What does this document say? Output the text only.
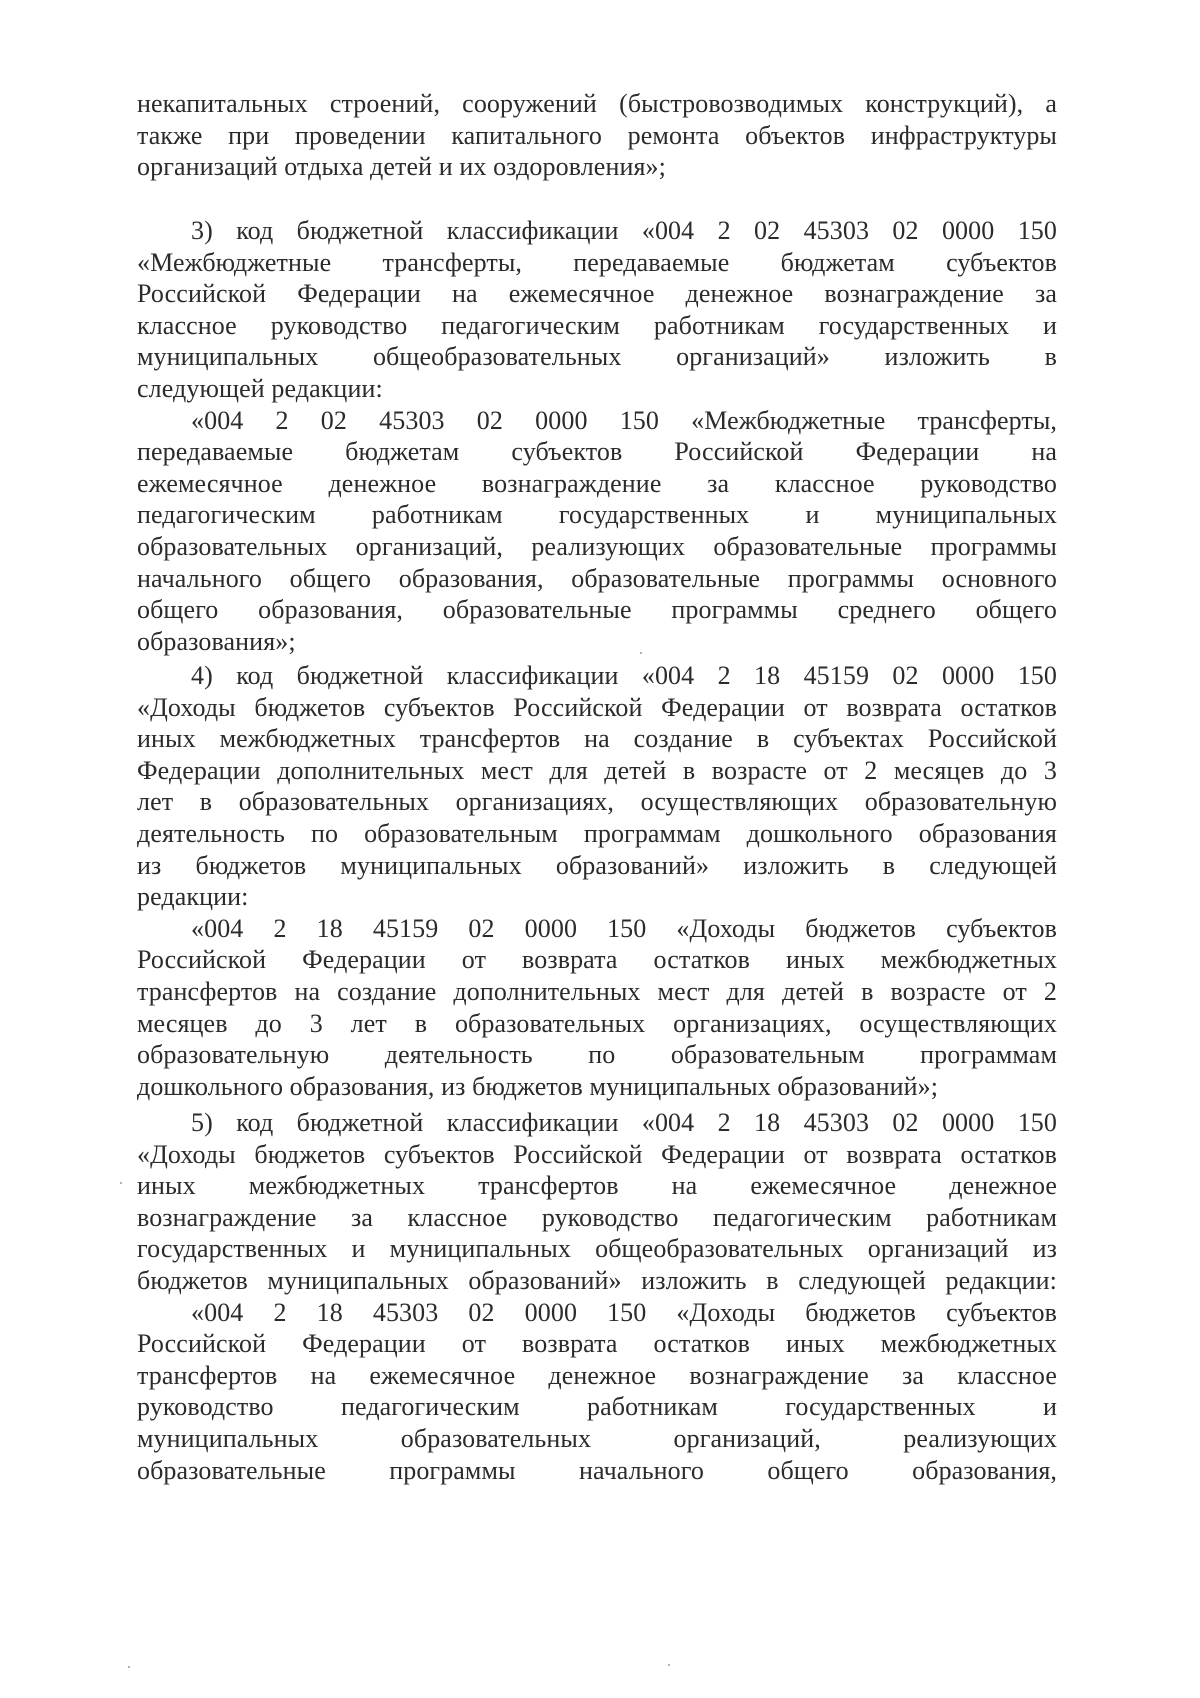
некапитальных строений, сооружений (быстровозводимых конструкций), а
также при проведении капитального ремонта объектов инфраструктуры
организаций отдыха детей и их оздоровления»;
3) код бюджетной классификации «004 2 02 45303 02 0000 150
«Межбюджетные трансферты, передаваемые бюджетам субъектов
Российской Федерации на ежемесячное денежное вознаграждение за
классное руководство педагогическим работникам государственных и
муниципальных общеобразовательных организаций» изложить в
следующей редакции:
«004 2 02 45303 02 0000 150 «Межбюджетные трансферты,
передаваемые бюджетам субъектов Российской Федерации на
ежемесячное денежное вознаграждение за классное руководство
педагогическим работникам государственных и муниципальных
образовательных организаций, реализующих образовательные программы
начального общего образования, образовательные программы основного
общего образования, образовательные программы среднего общего
образования»;
4) код бюджетной классификации «004 2 18 45159 02 0000 150
«Доходы бюджетов субъектов Российской Федерации от возврата остатков
иных межбюджетных трансфертов на создание в субъектах Российской
Федерации дополнительных мест для детей в возрасте от 2 месяцев до 3
лет в образовательных организациях, осуществляющих образовательную
деятельность по образовательным программам дошкольного образования
из бюджетов муниципальных образований» изложить в следующей
редакции:
«004 2 18 45159 02 0000 150 «Доходы бюджетов субъектов
Российской Федерации от возврата остатков иных межбюджетных
трансфертов на создание дополнительных мест для детей в возрасте от 2
месяцев до 3 лет в образовательных организациях, осуществляющих
образовательную деятельность по образовательным программам
дошкольного образования, из бюджетов муниципальных образований»;
5) код бюджетной классификации «004 2 18 45303 02 0000 150
«Доходы бюджетов субъектов Российской Федерации от возврата остатков
иных межбюджетных трансфертов на ежемесячное денежное
вознаграждение за классное руководство педагогическим работникам
государственных и муниципальных общеобразовательных организаций из
бюджетов муниципальных образований» изложить в следующей редакции:
«004 2 18 45303 02 0000 150 «Доходы бюджетов субъектов
Российской Федерации от возврата остатков иных межбюджетных
трансфертов на ежемесячное денежное вознаграждение за классное
руководство педагогическим работникам государственных и
муниципальных образовательных организаций, реализующих
образовательные программы начального общего образования,
